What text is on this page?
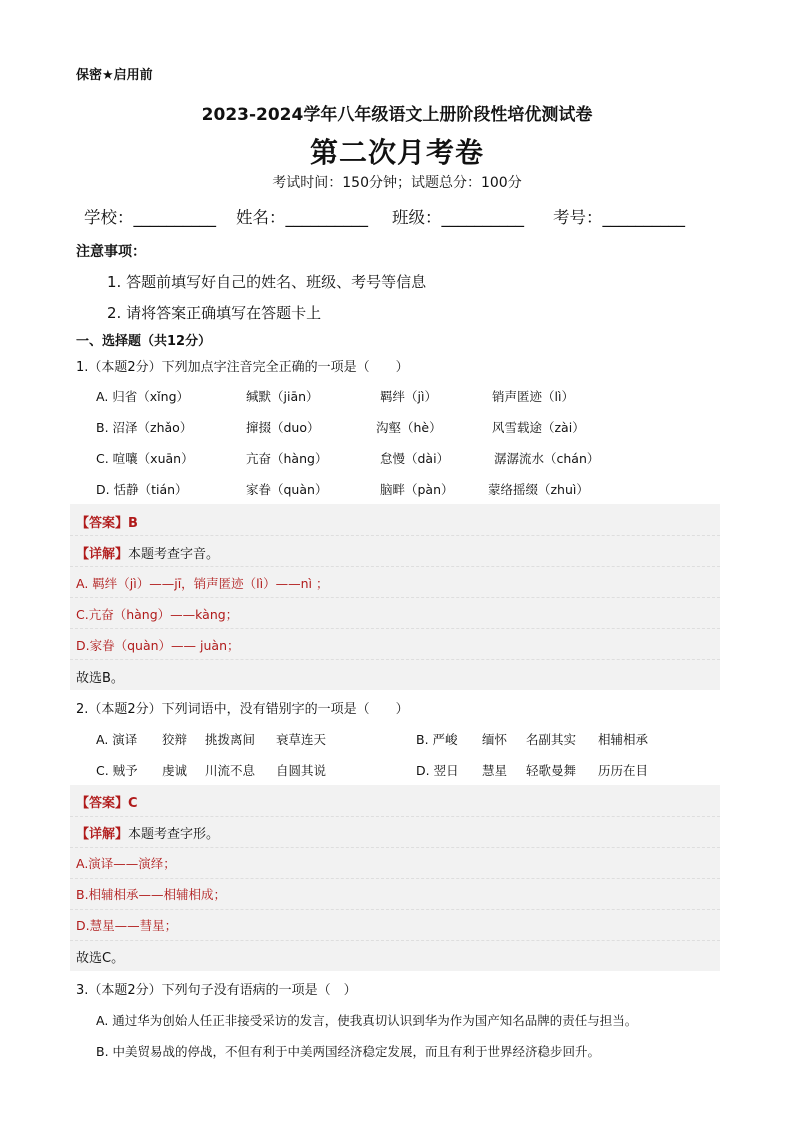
保密★启用前
2023-2024学年八年级语文上册阶段性培优测试卷
第二次月考卷
考试时间：150分钟；试题总分：100分
学校：__________ 姓名：__________ 班级：__________ 考号：__________
注意事项：
1. 答题前填写好自己的姓名、班级、考号等信息
2. 请将答案正确填写在答题卡上
一、选择题（共12分）
1.（本题2分）下列加点字注音完全正确的一项是（　　）
A. 归省（xǐng）	缄默（jiān）	羁绊（jì）	销声匿迹（lì）
B. 沼泽（zhǎo）	撺掇（duo）	沟壑（hè）	风雪载途（zài）
C. 喧嚷（xuān）	亢奋（hàng）	怠慢（dài）	潺潺流水（chán）
D. 恬静（tián）	家眷（quàn）	脑畔（pàn）	蒙络摇缀（zhuì）
【答案】B
【详解】本题考查字音。
A. 羁绊（jì）——jī，销声匿迹（lì）——nì ；
C.亢奋（hàng）——kàng；
D.家眷（quàn）—— juàn；
故选B。
2.（本题2分）下列词语中，没有错别字的一项是（　　）
A. 演译 狡辩 挑拨离间 衰草连天	B. 严峻 缅怀 名副其实 相辅相承
C. 贼予 虔诚 川流不息 自圆其说	D. 翌日 慧星 轻歌曼舞 历历在目
【答案】C
【详解】本题考查字形。
A.演译——演绎；
B.相辅相承——相辅相成；
D.慧星——彗星；
故选C。
3.（本题2分）下列句子没有语病的一项是（　）
A. 通过华为创始人任正非接受采访的发言，使我真切认识到华为作为国产知名品牌的责任与担当。
B. 中美贸易战的停战，不但有利于中美两国经济稳定发展，而且有利于世界经济稳步回升。
